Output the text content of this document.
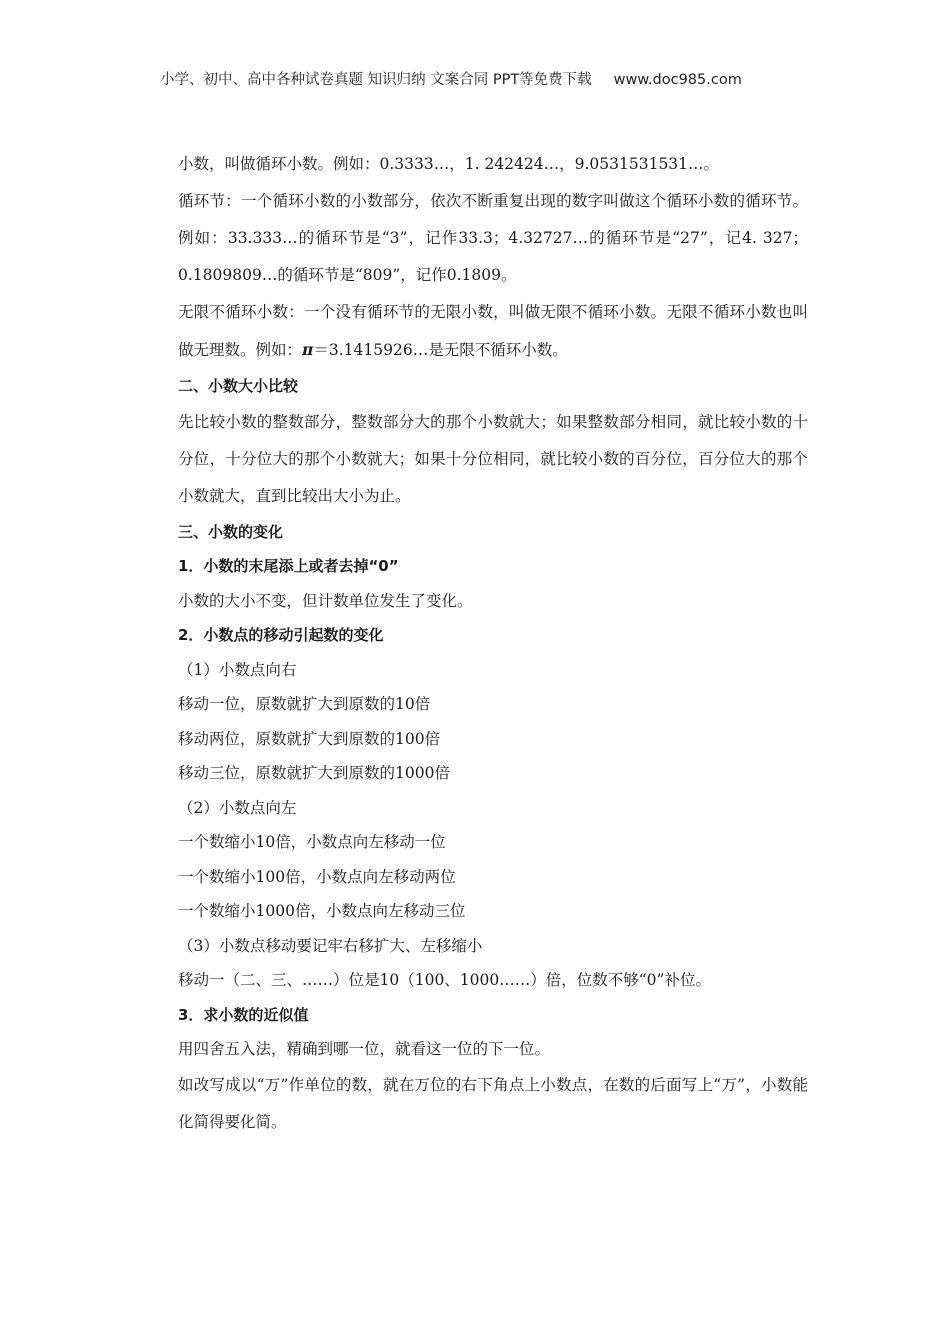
小学、初中、高中各种试卷真题 知识归纳 文案合同 PPT等免费下载 www.doc985.com

小数，叫做循环小数。例如：0.3333…，1. 242424…，9.0531531531…。

循环节：一个循环小数的小数部分，依次不断重复出现的数字叫做这个循环小数的循环节。例如：33.333…的循环节是“3”，记作33.3；4.32727…的循环节是“27”，记4. 327；0.1809809…的循环节是“809”，记作0.1809。

无限不循环小数：一个没有循环节的无限小数，叫做无限不循环小数。无限不循环小数也叫做无理数。例如：π＝3.1415926…是无限不循环小数。

二、小数大小比较

先比较小数的整数部分，整数部分大的那个小数就大；如果整数部分相同，就比较小数的十分位，十分位大的那个小数就大；如果十分位相同，就比较小数的百分位，百分位大的那个小数就大，直到比较出大小为止。

三、小数的变化

1．小数的末尾添上或者去掉“0”

小数的大小不变，但计数单位发生了变化。

2．小数点的移动引起数的变化

（1）小数点向右

移动一位，原数就扩大到原数的10倍

移动两位，原数就扩大到原数的100倍

移动三位，原数就扩大到原数的1000倍

（2）小数点向左

一个数缩小10倍，小数点向左移动一位

一个数缩小100倍，小数点向左移动两位

一个数缩小1000倍，小数点向左移动三位

（3）小数点移动要记牢右移扩大、左移缩小

移动一（二、三、……）位是10（100、1000……）倍，位数不够“0”补位。

3．求小数的近似值

用四舍五入法，精确到哪一位，就看这一位的下一位。

如改写成以“万”作单位的数，就在万位的右下角点上小数点，在数的后面写上“万”，小数能化简得要化简。
